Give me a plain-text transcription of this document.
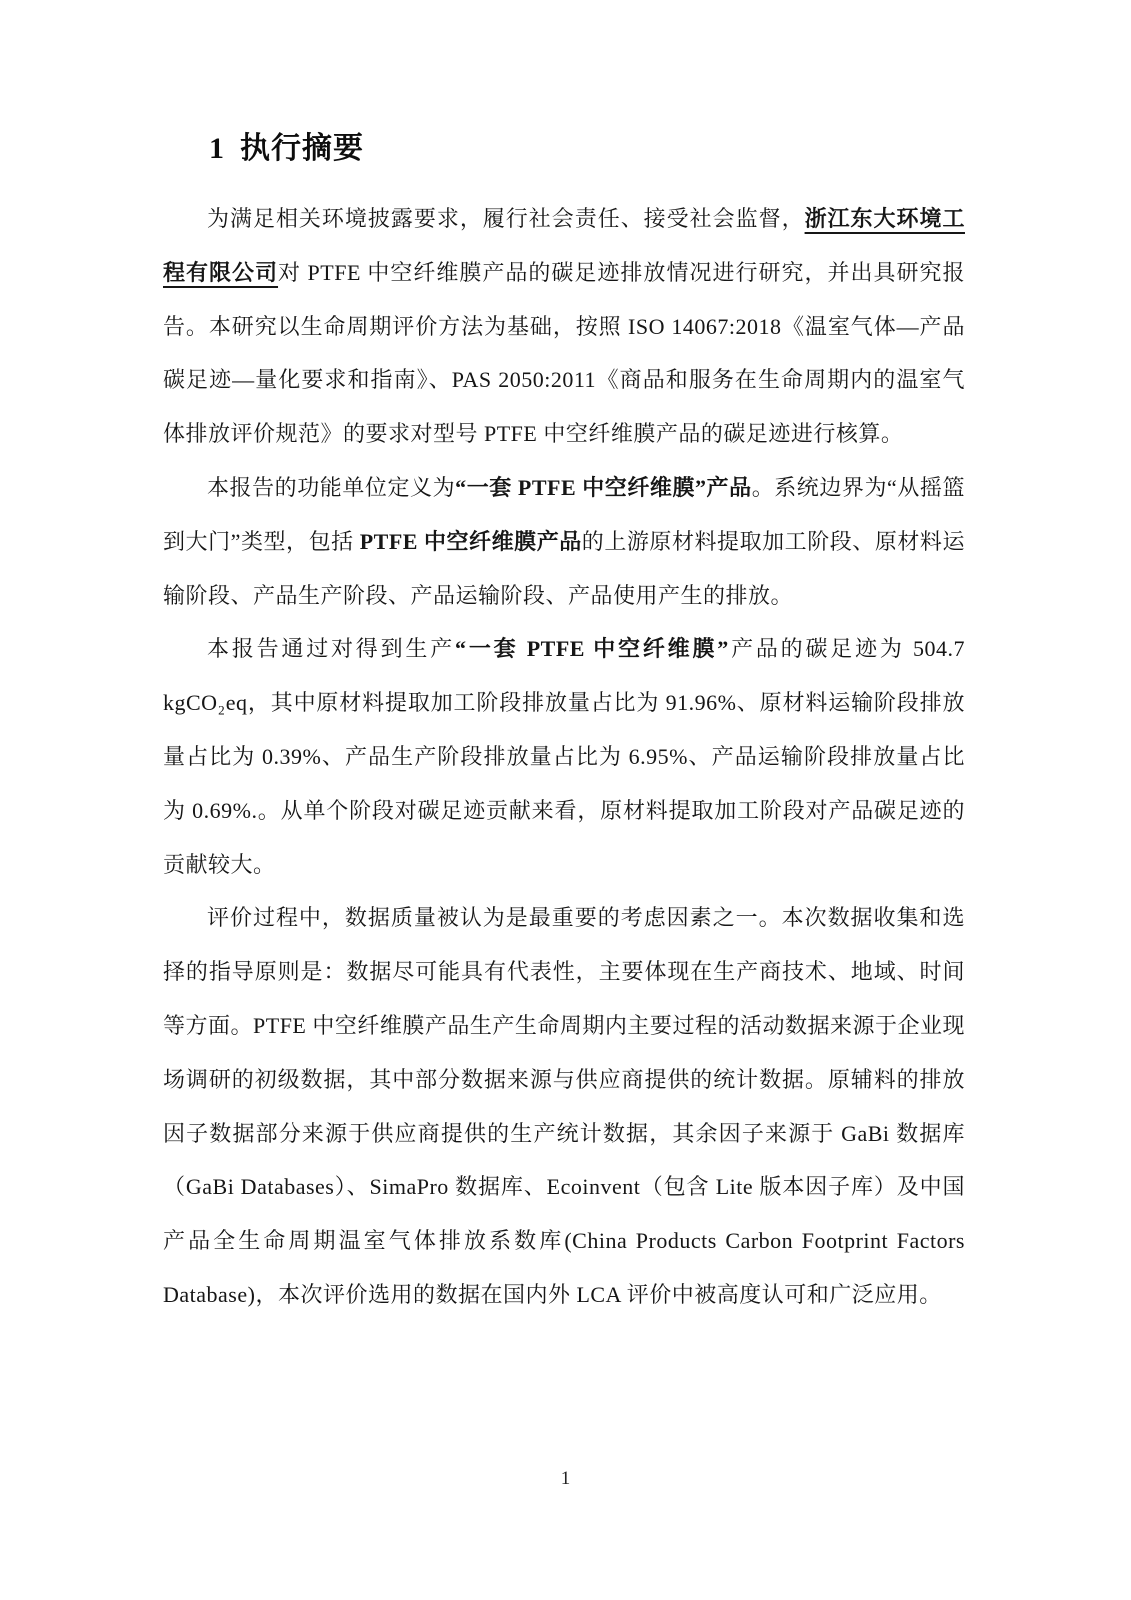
1 执行摘要

为满足相关环境披露要求，履行社会责任、接受社会监督，浙江东大环境工程有限公司对 PTFE 中空纤维膜产品的碳足迹排放情况进行研究，并出具研究报告。本研究以生命周期评价方法为基础，按照 ISO 14067:2018《温室气体—产品碳足迹—量化要求和指南》、PAS 2050:2011《商品和服务在生命周期内的温室气体排放评价规范》的要求对型号 PTFE 中空纤维膜产品的碳足迹进行核算。

本报告的功能单位定义为“一套 PTFE 中空纤维膜”产品。系统边界为“从摇篮到大门”类型，包括 PTFE 中空纤维膜产品的上游原材料提取加工阶段、原材料运输阶段、产品生产阶段、产品运输阶段、产品使用产生的排放。

本报告通过对得到生产“一套 PTFE 中空纤维膜”产品的碳足迹为 504.7 kgCO₂eq，其中原材料提取加工阶段排放量占比为 91.96%、原材料运输阶段排放量占比为 0.39%、产品生产阶段排放量占比为 6.95%、产品运输阶段排放量占比为 0.69%.。从单个阶段对碳足迹贡献来看，原材料提取加工阶段对产品碳足迹的贡献较大。

评价过程中，数据质量被认为是最重要的考虑因素之一。本次数据收集和选择的指导原则是：数据尽可能具有代表性，主要体现在生产商技术、地域、时间等方面。PTFE 中空纤维膜产品生产生命周期内主要过程的活动数据来源于企业现场调研的初级数据，其中部分数据来源与供应商提供的统计数据。原辅料的排放因子数据部分来源于供应商提供的生产统计数据，其余因子来源于 GaBi 数据库（GaBi Databases）、SimaPro 数据库、Ecoinvent（包含 Lite 版本因子库）及中国产品全生命周期温室气体排放系数库(China Products Carbon Footprint Factors Database)，本次评价选用的数据在国内外 LCA 评价中被高度认可和广泛应用。

1
